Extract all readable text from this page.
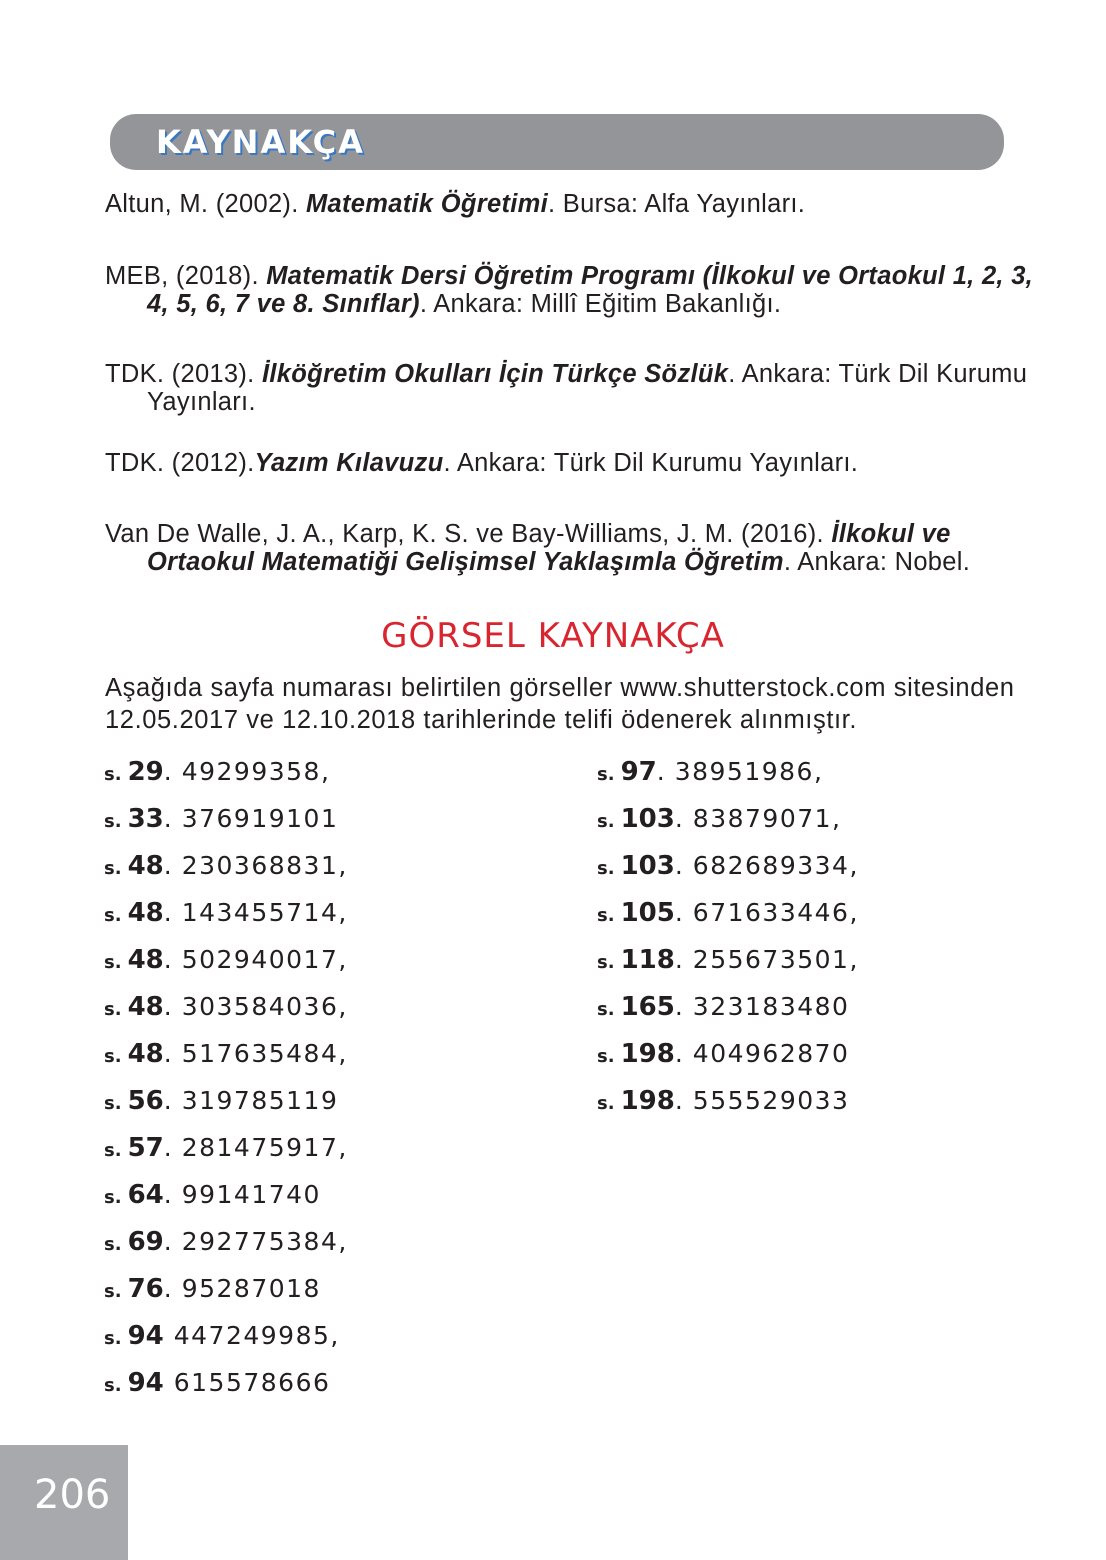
KAYNAKÇA

Altun, M. (2002). Matematik Öğretimi. Bursa: Alfa Yayınları.

MEB, (2018). Matematik Dersi Öğretim Programı (İlkokul ve Ortaokul 1, 2, 3, 4, 5, 6, 7 ve 8. Sınıflar). Ankara: Millî Eğitim Bakanlığı.

TDK. (2013). İlköğretim Okulları İçin Türkçe Sözlük. Ankara: Türk Dil Kurumu Yayınları.

TDK. (2012).Yazım Kılavuzu. Ankara: Türk Dil Kurumu Yayınları.

Van De Walle, J. A., Karp, K. S. ve Bay-Williams, J. M. (2016). İlkokul ve Ortaokul Matematiği Gelişimsel Yaklaşımla Öğretim. Ankara: Nobel.

GÖRSEL KAYNAKÇA
Aşağıda sayfa numarası belirtilen görseller www.shutterstock.com sitesinden 12.05.2017 ve 12.10.2018 tarihlerinde telifi ödenerek alınmıştır.
s. 29. 49299358,
s. 33. 376919101
s. 48. 230368831,
s. 48. 143455714,
s. 48. 502940017,
s. 48. 303584036,
s. 48. 517635484,
s. 56. 319785119
s. 57. 281475917,
s. 64. 99141740
s. 69. 292775384,
s. 76. 95287018
s. 94 447249985,
s. 94 615578666
s. 97. 38951986,
s. 103. 83879071,
s. 103. 682689334,
s. 105. 671633446,
s. 118. 255673501,
s. 165. 323183480
s. 198. 404962870
s. 198. 555529033
206
